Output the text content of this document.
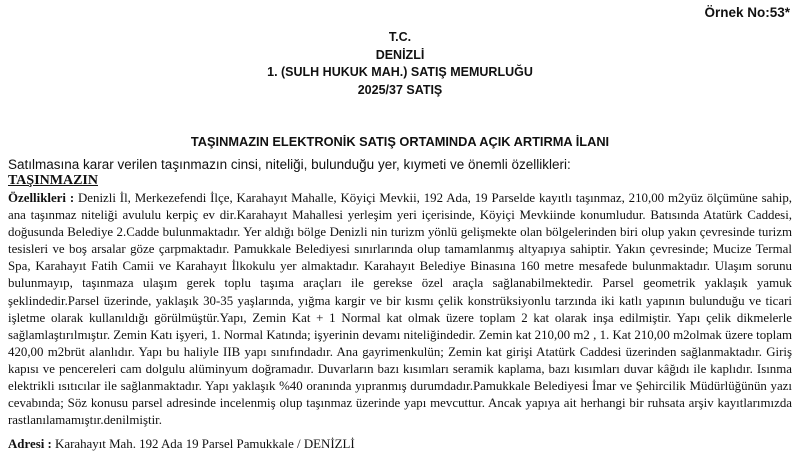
Örnek No:53*
T.C.
DENİZLİ
1. (SULH HUKUK MAH.) SATIŞ MEMURLUĞU
2025/37 SATIŞ
TAŞINMAZIN ELEKTRONİK SATIŞ ORTAMINDA AÇIK ARTIRMA İLANI
Satılmasına karar verilen taşınmazın cinsi, niteliği, bulunduğu yer, kıymeti ve önemli özellikleri:
TAŞINMAZIN

Özellikleri : Denizli İl, Merkezefendi İlçe, Karahayıt Mahalle, Köyiçi Mevkii, 192 Ada, 19 Parselde kayıtlı taşınmaz, 210,00 m2yüz ölçümüne sahip, ana taşınmaz niteliği avululu kerpiç ev dir.Karahayıt Mahallesi yerleşim yeri içerisinde, Köyiçi Mevkiinde konumludur. Batısında Atatürk Caddesi, doğusunda Belediye 2.Cadde bulunmaktadır. Yer aldığı bölge Denizli nin turizm yönlü gelişmekte olan bölgelerinden biri olup yakın çevresinde turizm tesisleri ve boş arsalar göze çarpmaktadır. Pamukkale Belediyesi sınırlarında olup tamamlanmış altyapıya sahiptir. Yakın çevresinde; Mucize Termal Spa, Karahayıt Fatih Camii ve Karahayıt İlkokulu yer almaktadır. Karahayıt Belediye Binasına 160 metre mesafede bulunmaktadır. Ulaşım sorunu bulunmayıp, taşınmaza ulaşım gerek toplu taşıma araçları ile gerekse özel araçla sağlanabilmektedir. Parsel geometrik yaklaşık yamuk şeklindedir.Parsel üzerinde, yaklaşık 30-35 yaşlarında, yığma kargir ve bir kısmı çelik konstrüksiyonlu tarzında iki katlı yapının bulunduğu ve ticari işletme olarak kullanıldığı görülmüştür.Yapı, Zemin Kat + 1 Normal kat olmak üzere toplam 2 kat olarak inşa edilmiştir. Yapı çelik dikmelerle sağlamlaştırılmıştır. Zemin Katı işyeri, 1. Normal Katında; işyerinin devamı niteliğindedir. Zemin kat 210,00 m2 , 1. Kat 210,00 m2olmak üzere toplam 420,00 m2brüt alanlıdır. Yapı bu haliyle IIB yapı sınıfındadır. Ana gayrimenkulün; Zemin kat girişi Atatürk Caddesi üzerinden sağlanmaktadır. Giriş kapısı ve pencereleri cam dolgulu alüminyum doğramadır. Duvarların bazı kısımları seramik kaplama, bazı kısımları duvar kâğıdı ile kaplıdır. Isınma elektrikli ısıtıcılar ile sağlanmaktadır. Yapı yaklaşık %40 oranında yıpranmış durumdadır.Pamukkale Belediyesi İmar ve Şehircilik Müdürlüğünün yazı cevabında; Söz konusu parsel adresinde incelenmiş olup taşınmaz üzerinde yapı mevcuttur. Ancak yapıya ait herhangi bir ruhsata arşiv kayıtlarımızda rastlanılamamıştır.denilmiştir.

Adresi : Karahayıt Mah. 192 Ada 19 Parsel Pamukkale / DENİZLİ
